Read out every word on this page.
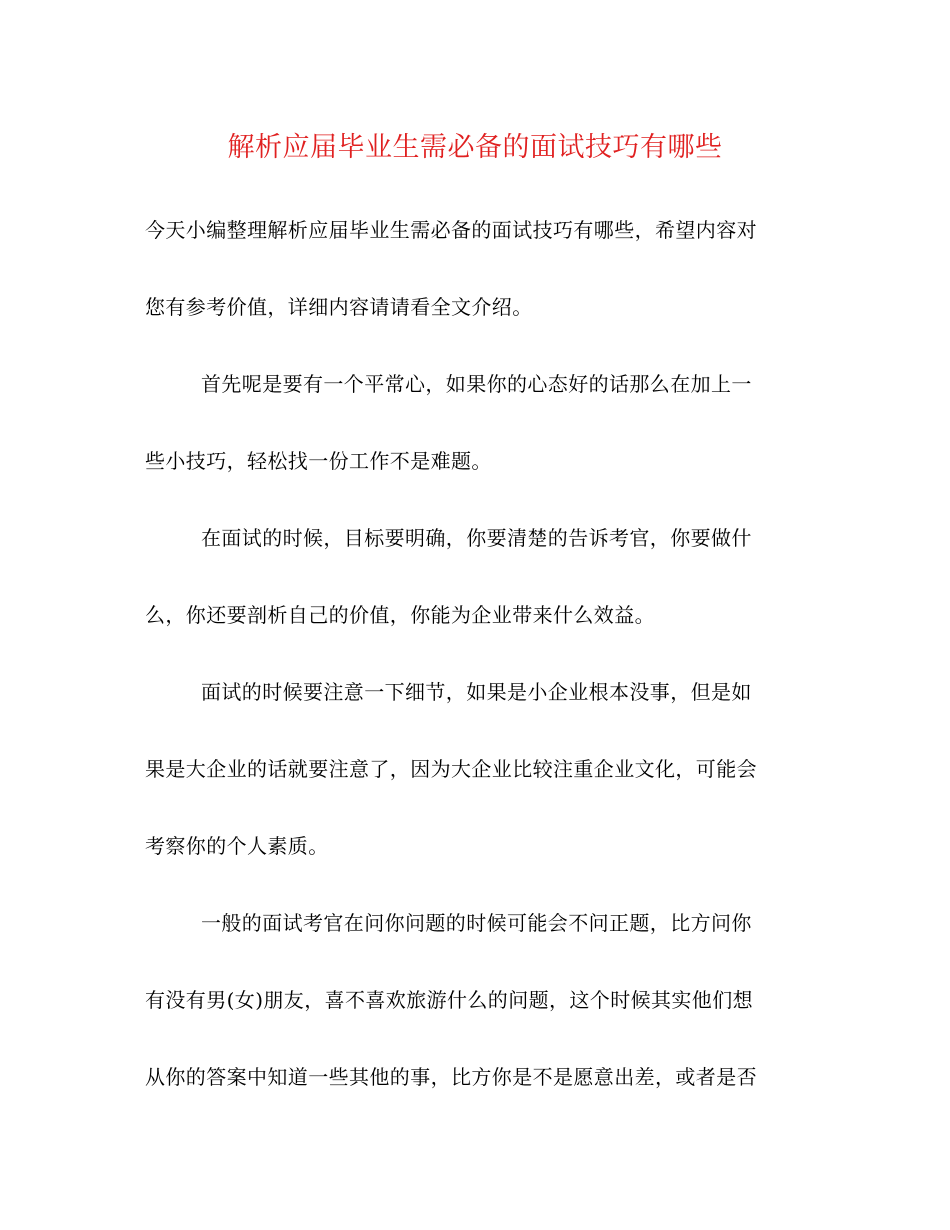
解析应届毕业生需必备的面试技巧有哪些
今天小编整理解析应届毕业生需必备的面试技巧有哪些，希望内容对
您有参考价值，详细内容请请看全文介绍。
首先呢是要有一个平常心，如果你的心态好的话那么在加上一
些小技巧，轻松找一份工作不是难题。
在面试的时候，目标要明确，你要清楚的告诉考官，你要做什
么，你还要剖析自己的价值，你能为企业带来什么效益。
面试的时候要注意一下细节，如果是小企业根本没事，但是如
果是大企业的话就要注意了，因为大企业比较注重企业文化，可能会
考察你的个人素质。
一般的面试考官在问你问题的时候可能会不问正题，比方问你
有没有男(女)朋友，喜不喜欢旅游什么的问题，这个时候其实他们想
从你的答案中知道一些其他的事，比方你是不是愿意出差，或者是否
